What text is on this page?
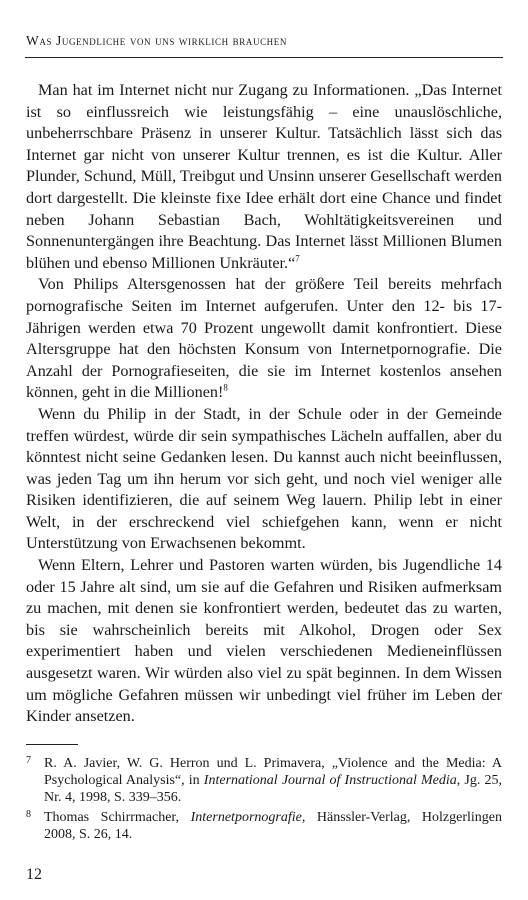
Was Jugendliche von uns wirklich brauchen

Man hat im Internet nicht nur Zugang zu Informationen. „Das Internet ist so einflussreich wie leistungsfähig – eine unauslöschliche, unbeherrschbare Präsenz in unserer Kultur. Tatsächlich lässt sich das Internet gar nicht von unserer Kultur trennen, es ist die Kultur. Aller Plunder, Schund, Müll, Treibgut und Unsinn unserer Gesellschaft werden dort dargestellt. Die kleinste fixe Idee erhält dort eine Chance und findet neben Johann Sebastian Bach, Wohltätigkeitsvereinen und Sonnenuntergängen ihre Beachtung. Das Internet lässt Millionen Blumen blühen und ebenso Millionen Unkräuter.“$^7$

Von Philips Altersgenossen hat der größere Teil bereits mehrfach pornografische Seiten im Internet aufgerufen. Unter den 12- bis 17-Jährigen werden etwa 70 Prozent ungewollt damit konfrontiert. Diese Altersgruppe hat den höchsten Konsum von Internetpornografie. Die Anzahl der Pornografieseiten, die sie im Internet kostenlos ansehen können, geht in die Millionen!$^8$

Wenn du Philip in der Stadt, in der Schule oder in der Gemeinde treffen würdest, würde dir sein sympathisches Lächeln auffallen, aber du könntest nicht seine Gedanken lesen. Du kannst auch nicht beeinflussen, was jeden Tag um ihn herum vor sich geht, und noch viel weniger alle Risiken identifizieren, die auf seinem Weg lauern. Philip lebt in einer Welt, in der erschreckend viel schiefgehen kann, wenn er nicht Unterstützung von Erwachsenen bekommt.

Wenn Eltern, Lehrer und Pastoren warten würden, bis Jugendliche 14 oder 15 Jahre alt sind, um sie auf die Gefahren und Risiken aufmerksam zu machen, mit denen sie konfrontiert werden, bedeutet das zu warten, bis sie wahrscheinlich bereits mit Alkohol, Drogen oder Sex experimentiert haben und vielen verschiedenen Medieneinflüssen ausgesetzt waren. Wir würden also viel zu spät beginnen. In dem Wissen um mögliche Gefahren müssen wir unbedingt viel früher im Leben der Kinder ansetzen.

7 R. A. Javier, W. G. Herron und L. Primavera, „Violence and the Media: A Psychological Analysis“, in International Journal of Instructional Media, Jg. 25, Nr. 4, 1998, S. 339–356.
8 Thomas Schirrmacher, Internetpornografie, Hänssler-Verlag, Holzgerlingen 2008, S. 26, 14.
12
